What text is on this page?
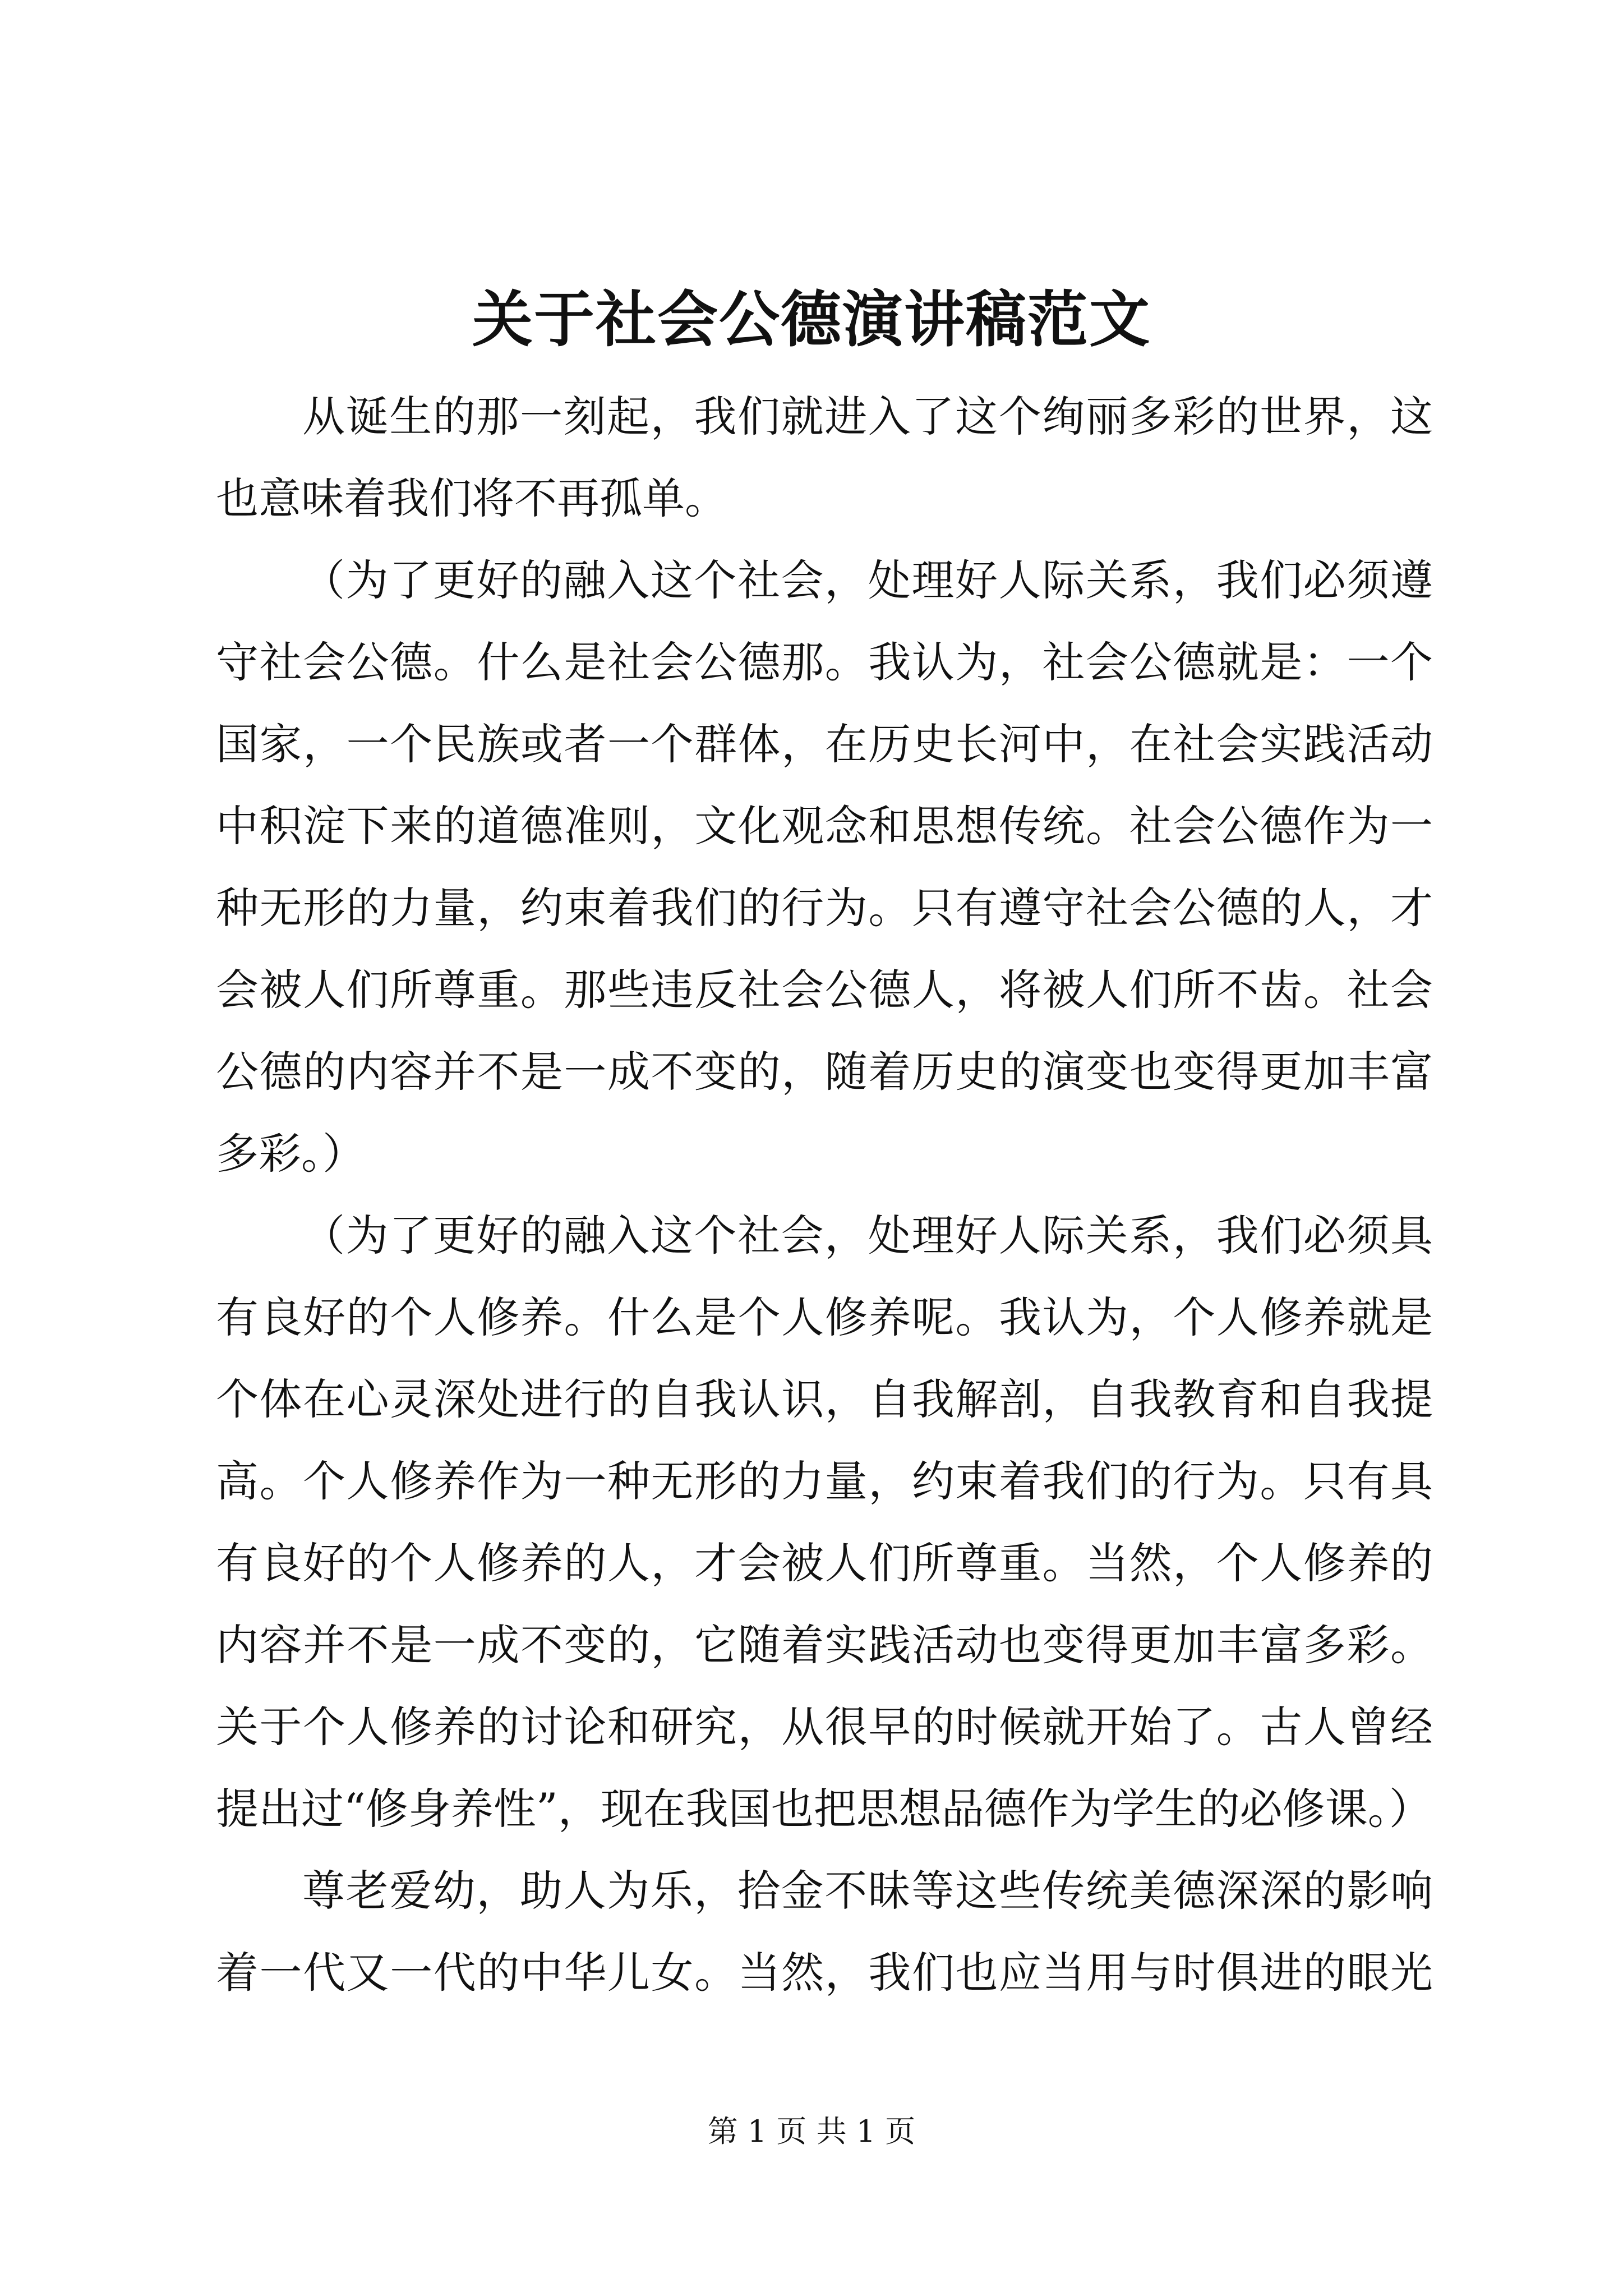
关于社会公德演讲稿范文
从诞生的那一刻起，我们就进入了这个绚丽多彩的世界，这
也意味着我们将不再孤单。
（为了更好的融入这个社会，处理好人际关系，我们必须遵
守社会公德。什么是社会公德那。我认为，社会公德就是：一个
国家，一个民族或者一个群体，在历史长河中，在社会实践活动
中积淀下来的道德准则，文化观念和思想传统。社会公德作为一
种无形的力量，约束着我们的行为。只有遵守社会公德的人，才
会被人们所尊重。那些违反社会公德人，将被人们所不齿。社会
公德的内容并不是一成不变的，随着历史的演变也变得更加丰富
多彩。）
（为了更好的融入这个社会，处理好人际关系，我们必须具
有良好的个人修养。什么是个人修养呢。我认为，个人修养就是
个体在心灵深处进行的自我认识，自我解剖，自我教育和自我提
高。个人修养作为一种无形的力量，约束着我们的行为。只有具
有良好的个人修养的人，才会被人们所尊重。当然，个人修养的
内容并不是一成不变的，它随着实践活动也变得更加丰富多彩。
关于个人修养的讨论和研究，从很早的时候就开始了。古人曾经
提出过“修身养性”，现在我国也把思想品德作为学生的必修课。）
尊老爱幼，助人为乐，拾金不昧等这些传统美德深深的影响
着一代又一代的中华儿女。当然，我们也应当用与时俱进的眼光
第 1 页 共 1 页
